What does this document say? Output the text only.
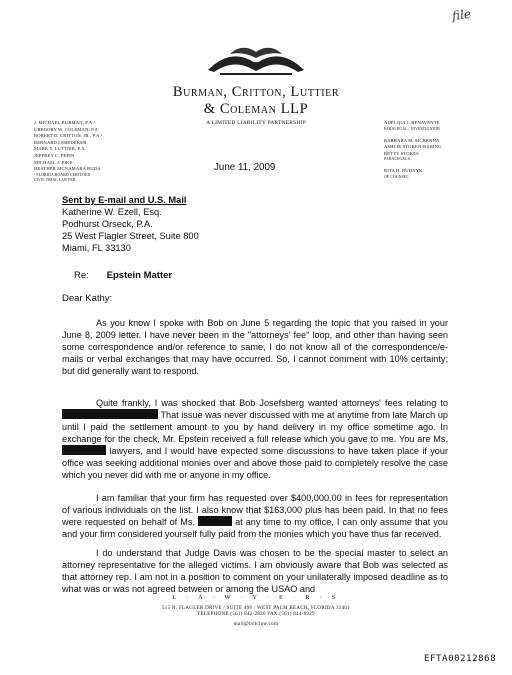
file
Burman, Critton, Luttier
& Coleman LLP
A LIMITED LIABILITY PARTNERSHIP
J. MICHAEL BURMAN, P.A.¹
GREGORY W. COLEMAN, P.A.
ROBERT D. CRITTON, JR., P.A.¹
BERNARD LEBEDEKER
MARK T. LUTTIER, P.A.
JEFFREY C. PEPIN
MICHAEL J. PIKE
HEATHER MCNAMARA RUDA
¹ FLORIDA BOARD CERTIFIED
CIVIL TRIAL LAWYER
ADELQUI J. BENAVENTE
PARALEGAL / INVESTIGATOR
BARBARA M. MCKENNA
ASHLIE STOKEN-BARING
BETTY STOKES
PARALEGALS
RITA H. BUDNYK
OF COUNSEL
June 11, 2009
Sent by E-mail and U.S. Mail
Katherine W. Ezell, Esq.
Podhurst Orseck, P.A.
25 West Flagler Street, Suite 800
Miami, FL 33130
Re: Epstein Matter
Dear Kathy:
As you know I spoke with Bob on June 5 regarding the topic that you raised in your June 8, 2009 letter. I have never been in the "attorneys' fee" loop, and other than having seen some correspondence and/or reference to same, I do not know all of the correspondence/e-mails or verbal exchanges that may have occurred. So, I cannot comment with 10% certainty; but did generally want to respond.
Quite frankly, I was shocked that Bob Josefsberg wanted attorneys' fees relating to  That issue was never discussed with me at anytime from late March up until I paid the settlement amount to you by hand delivery in my office sometime ago. In exchange for the check, Mr. Epstein received a full release which you gave to me. You are Ms.  lawyers, and I would have expected some discussions to have taken place if your office was seeking additional monies over and above those paid to completely resolve the case which you never did with me or anyone in my office.
I am familiar that your firm has requested over $400,000.00 in fees for representation of various individuals on the list. I also know that $163,000 plus has been paid. In that no fees were requested on behalf of Ms.	at any time to my office, I can only assume that you and your firm considered yourself fully paid from the monies which you have thus far received.
I do understand that Judge Davis was chosen to be the special master to select an attorney representative for the alleged victims. I am obviously aware that Bob was selected as that attorney rep. I am not in a position to comment on your unilaterally imposed deadline as to what was or was not agreed between or among the USAO and
L · A · W · Y · E · R · S
515 N. FLAGLER DRIVE / SUITE 400 / WEST PALM BEACH, FLORIDA 33401
TELEPHONE (561) 842-2820 FAX (561) 844-6929
mail@bclclaw.com
EFTA00212868
